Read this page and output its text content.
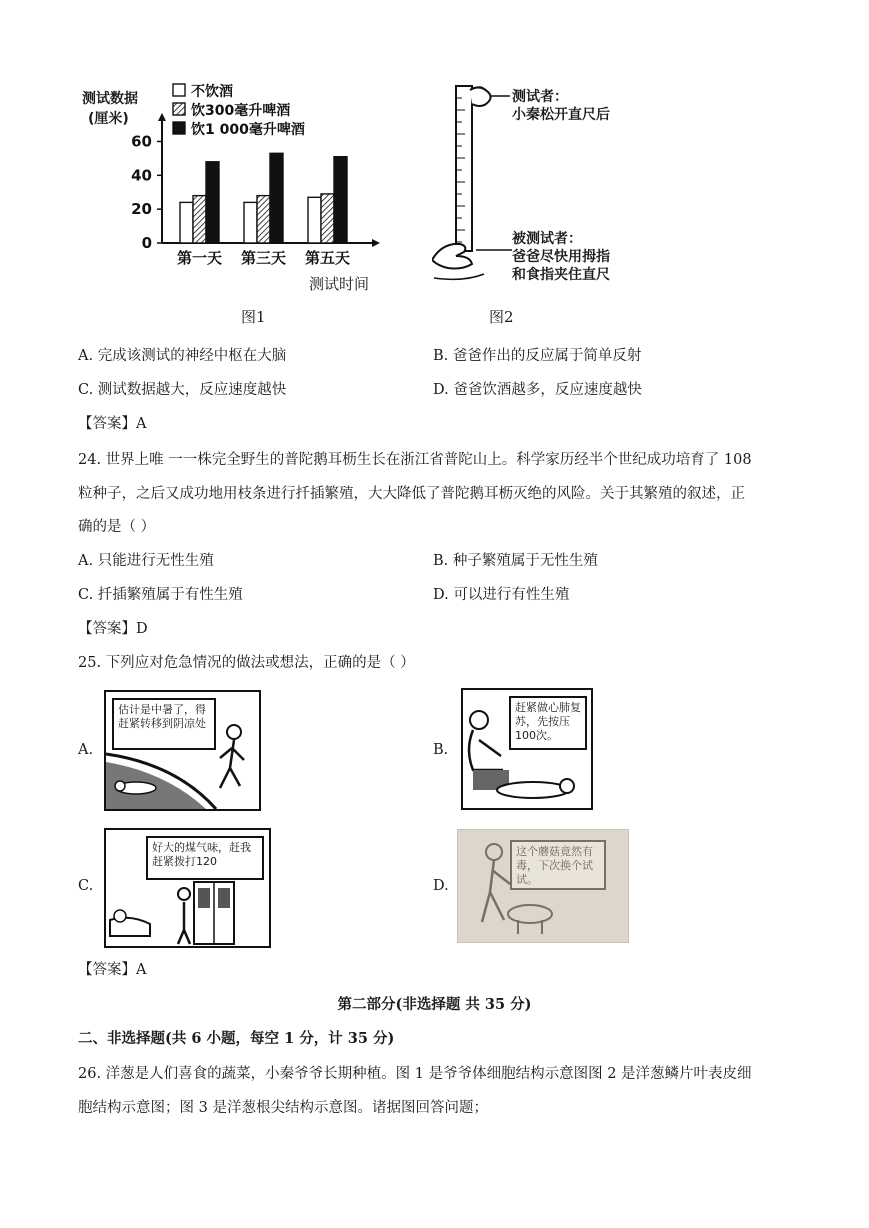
0
20
40
60
第一天 第三天 第五天
不饮酒
饮300毫升啤酒
饮1 000毫升啤酒
测试数据
(厘米)
测试时间
图1
测试者：
小秦松开直尺后
被测试者：
爸爸尽快用拇指
和食指夹住直尺
图2
A. 完成该测试的神经中枢在大脑	B. 爸爸作出的反应属于简单反射
C. 测试数据越大，反应速度越快	D. 爸爸饮酒越多，反应速度越快
【答案】A
24. 世界上唯 一一株完全野生的普陀鹅耳枥生长在浙江省普陀山上。科学家历经半个世纪成功培育了 108
粒种子，之后又成功地用枝条进行扦插繁殖，大大降低了普陀鹅耳枥灭绝的风险。关于其繁殖的叙述，正
确的是（ ）
A. 只能进行无性生殖	B. 种子繁殖属于无性生殖
C. 扦插繁殖属于有性生殖	D. 可以进行有性生殖
【答案】D
25. 下列应对危急情况的做法或想法，正确的是（ ）
A.
估计是中暑了，得赶紧转移到阴凉处
B.
赶紧做心肺复苏，先按压100次。
C.
好大的煤气味，赶我赶紧拨打120
D.
这个蘑菇竟然有毒，下次换个试试。
【答案】A
第二部分(非选择题 共 35 分)
二、非选择题(共 6 小题，每空 1 分，计 35 分)
26. 洋葱是人们喜食的蔬菜，小秦爷爷长期种植。图 1 是爷爷体细胞结构示意图图 2 是洋葱鳞片叶表皮细
胞结构示意图；图 3 是洋葱根尖结构示意图。诸据图回答问题；
